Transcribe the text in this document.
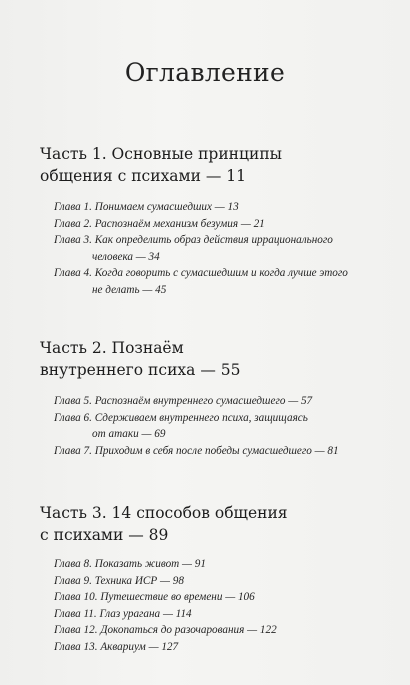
Оглавление
Часть 1. Основные принципы
общения с психами — 11
Глава 1. Понимаем сумасшедших — 13
Глава 2. Распознаём механизм безумия — 21
Глава 3. Как определить образ действия иррационального
человека — 34
Глава 4. Когда говорить с сумасшедшим и когда лучше этого
не делать — 45
Часть 2. Познаём
внутреннего психа — 55
Глава 5. Распознаём внутреннего сумасшедшего — 57
Глава 6. Сдерживаем внутреннего психа, защищаясь
от атаки — 69
Глава 7. Приходим в себя после победы сумасшедшего — 81
Часть 3. 14 способов общения
с психами — 89
Глава 8. Показать живот — 91
Глава 9. Техника ИСР — 98
Глава 10. Путешествие во времени — 106
Глава 11. Глаз урагана — 114
Глава 12. Докопаться до разочарования — 122
Глава 13. Аквариум — 127
